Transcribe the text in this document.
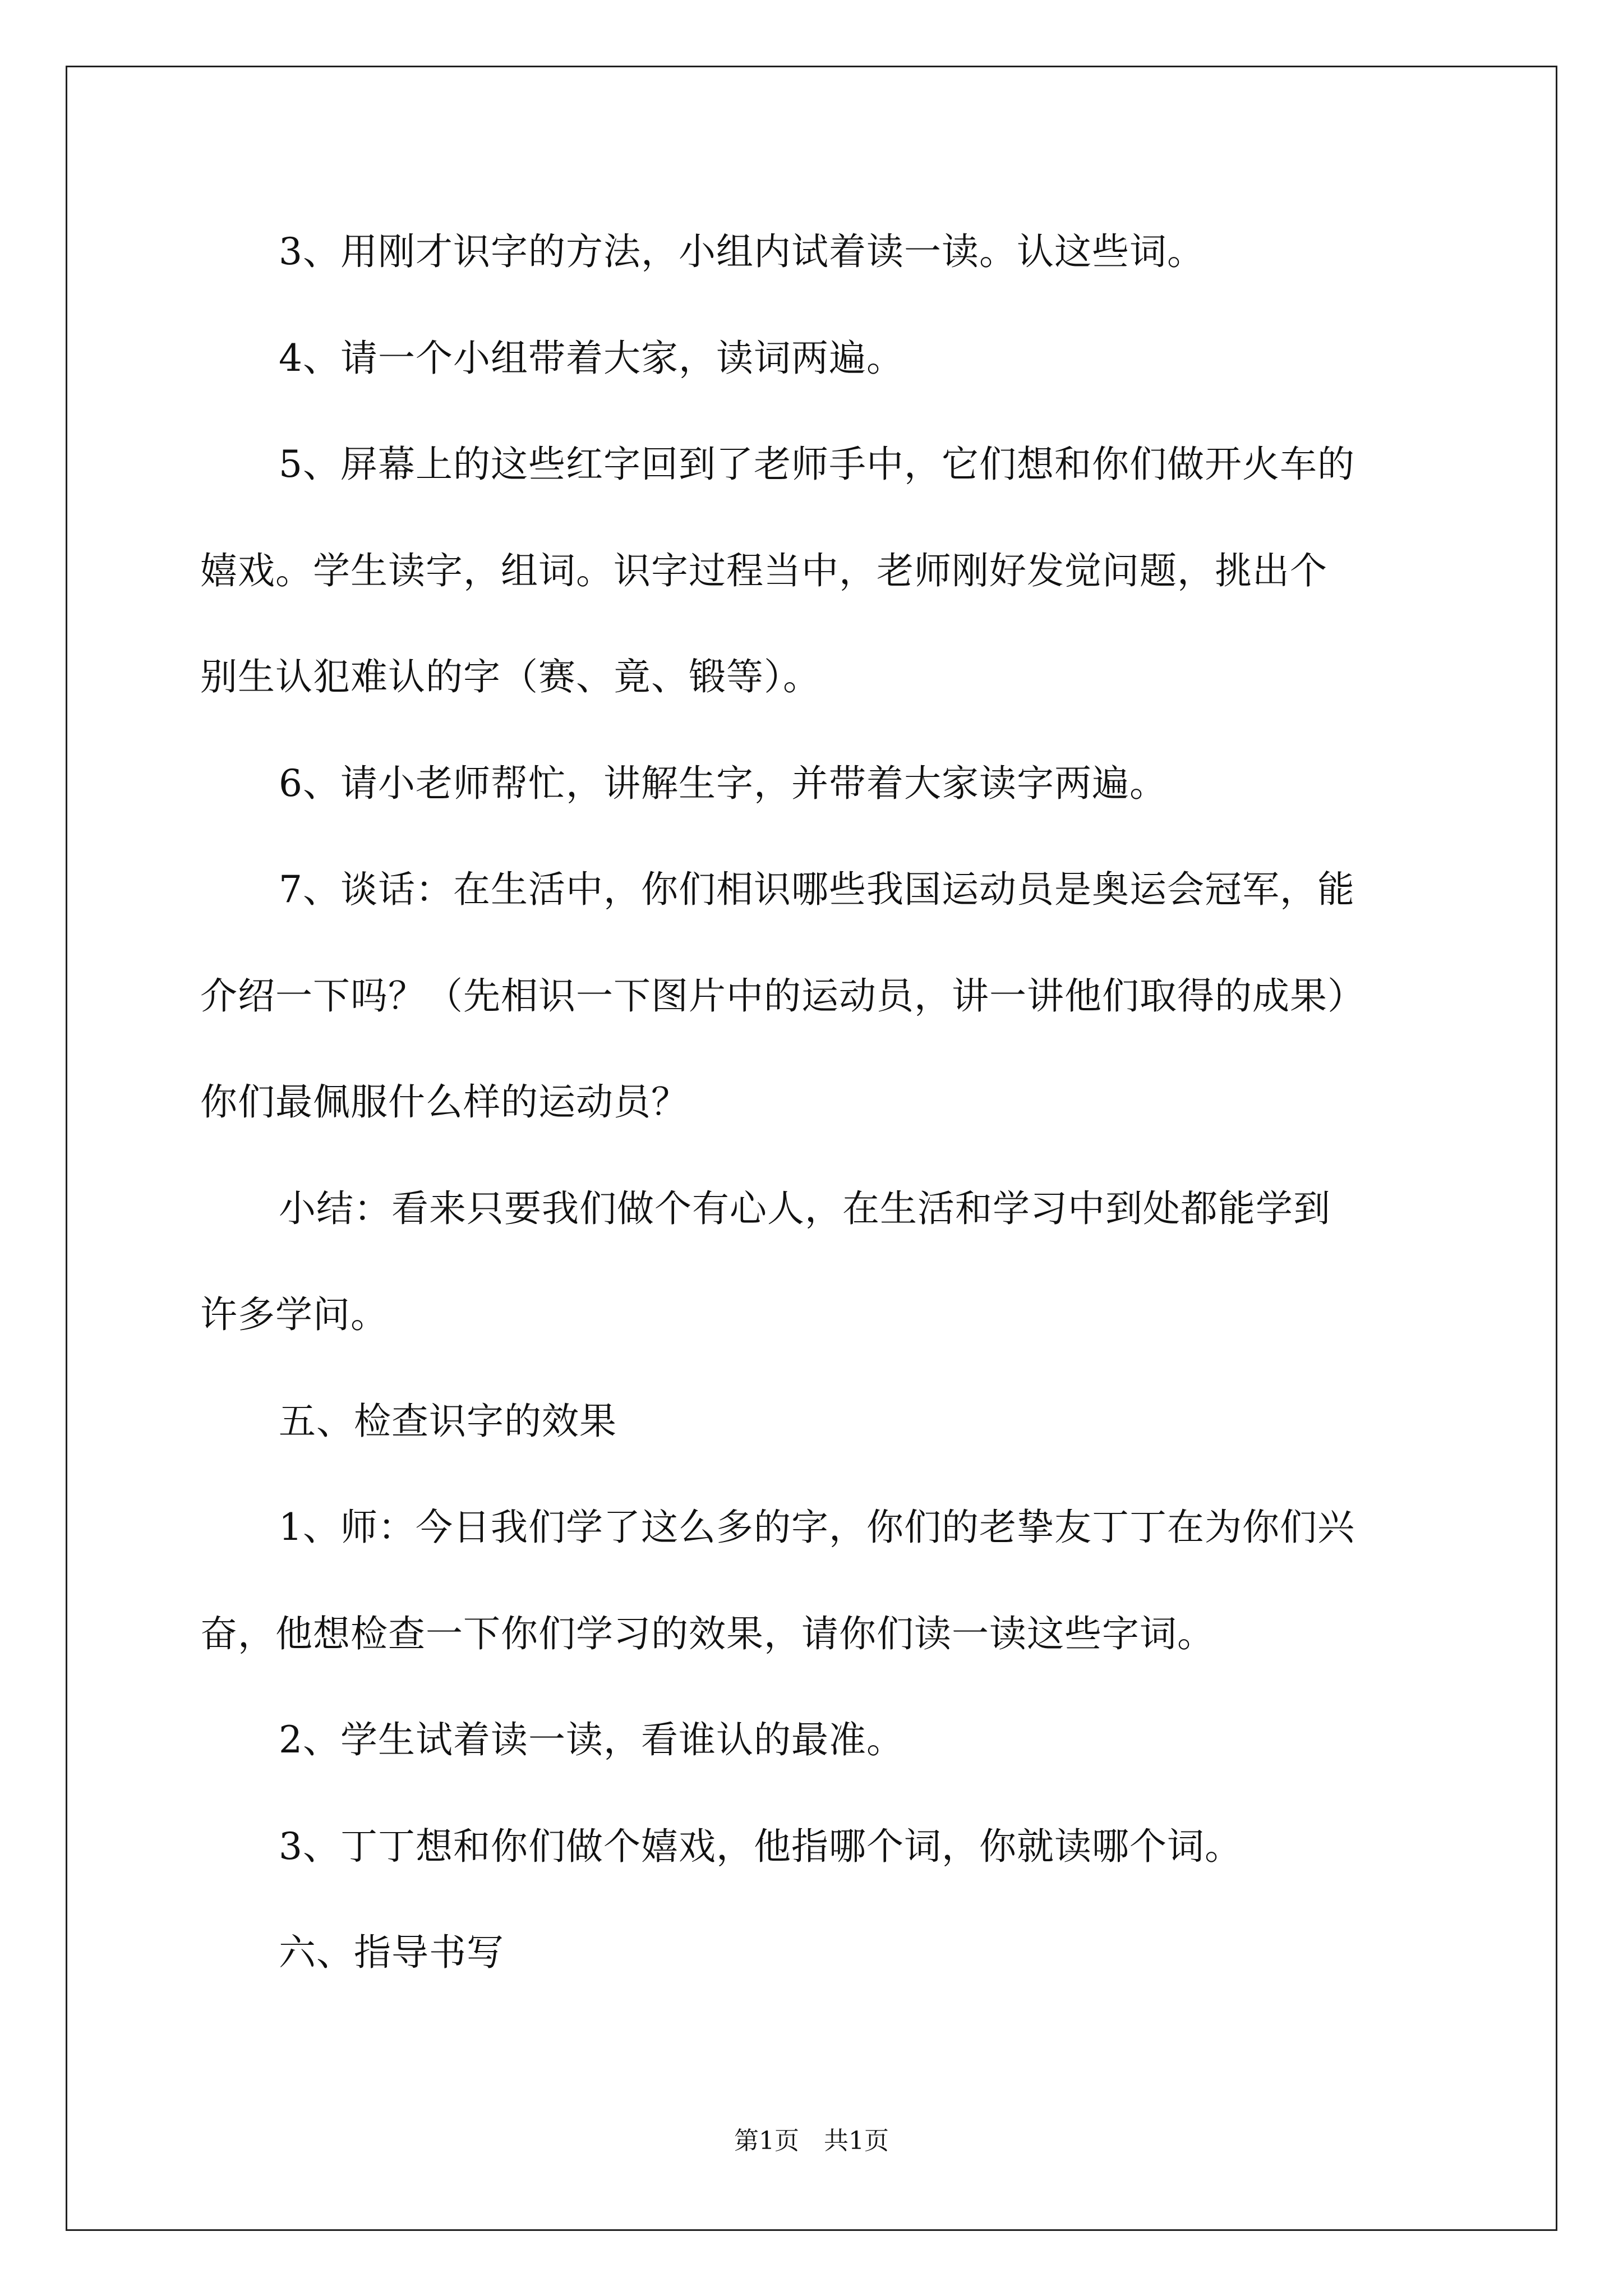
3、用刚才识字的方法，小组内试着读一读。认这些词。
4、请一个小组带着大家，读词两遍。
5、屏幕上的这些红字回到了老师手中，它们想和你们做开火车的
嬉戏。学生读字，组词。识字过程当中，老师刚好发觉问题，挑出个
别生认犯难认的字（赛、竟、锻等）。
6、请小老师帮忙，讲解生字，并带着大家读字两遍。
7、谈话：在生活中，你们相识哪些我国运动员是奥运会冠军，能
介绍一下吗？（先相识一下图片中的运动员，讲一讲他们取得的成果）
你们最佩服什么样的运动员？
小结：看来只要我们做个有心人，在生活和学习中到处都能学到
许多学问。
五、检查识字的效果
1、师：今日我们学了这么多的字，你们的老挚友丁丁在为你们兴
奋，他想检查一下你们学习的效果，请你们读一读这些字词。
2、学生试着读一读，看谁认的最准。
3、丁丁想和你们做个嬉戏，他指哪个词，你就读哪个词。
六、指导书写
第1页　共1页
